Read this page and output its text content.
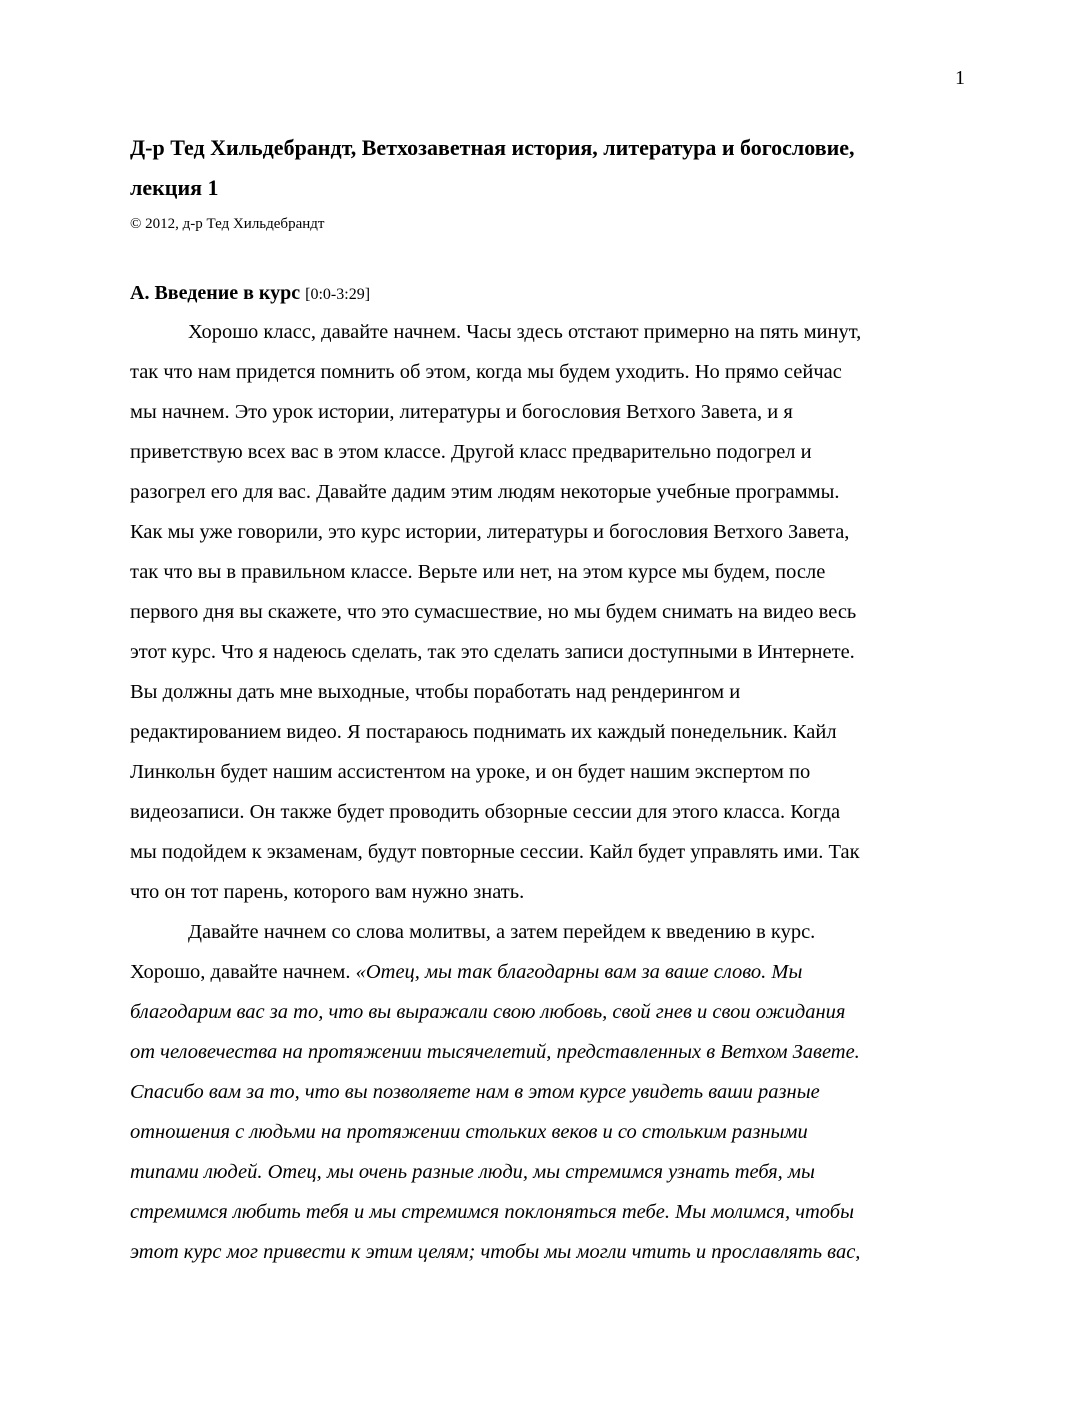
1
Д-р Тед Хильдебрандт, Ветхозаветная история, литература и богословие,
лекция 1
© 2012, д-р Тед Хильдебрандт
A. Введение в курс [0:0-3:29]
Хорошо класс, давайте начнем. Часы здесь отстают примерно на пять минут,
так что нам придется помнить об этом, когда мы будем уходить. Но прямо сейчас
мы начнем. Это урок истории, литературы и богословия Ветхого Завета, и я
приветствую всех вас в этом классе. Другой класс предварительно подогрел и
разогрел его для вас. Давайте дадим этим людям некоторые учебные программы.
Как мы уже говорили, это курс истории, литературы и богословия Ветхого Завета,
так что вы в правильном классе. Верьте или нет, на этом курсе мы будем, после
первого дня вы скажете, что это сумасшествие, но мы будем снимать на видео весь
этот курс. Что я надеюсь сделать, так это сделать записи доступными в Интернете.
Вы должны дать мне выходные, чтобы поработать над рендерингом и
редактированием видео. Я постараюсь поднимать их каждый понедельник. Кайл
Линкольн будет нашим ассистентом на уроке, и он будет нашим экспертом по
видеозаписи. Он также будет проводить обзорные сессии для этого класса. Когда
мы подойдем к экзаменам, будут повторные сессии. Кайл будет управлять ими. Так
что он тот парень, которого вам нужно знать.
Давайте начнем со слова молитвы, а затем перейдем к введению в курс.
Хорошо, давайте начнем. «Отец, мы так благодарны вам за ваше слово. Мы
благодарим вас за то, что вы выражали свою любовь, свой гнев и свои ожидания
от человечества на протяжении тысячелетий, представленных в Ветхом Завете.
Спасибо вам за то, что вы позволяете нам в этом курсе увидеть ваши разные
отношения с людьми на протяжении стольких веков и со стольким разными
типами людей. Отец, мы очень разные люди, мы стремимся узнать тебя, мы
стремимся любить тебя и мы стремимся поклоняться тебе. Мы молимся, чтобы
этот курс мог привести к этим целям; чтобы мы могли чтить и прославлять вас,
